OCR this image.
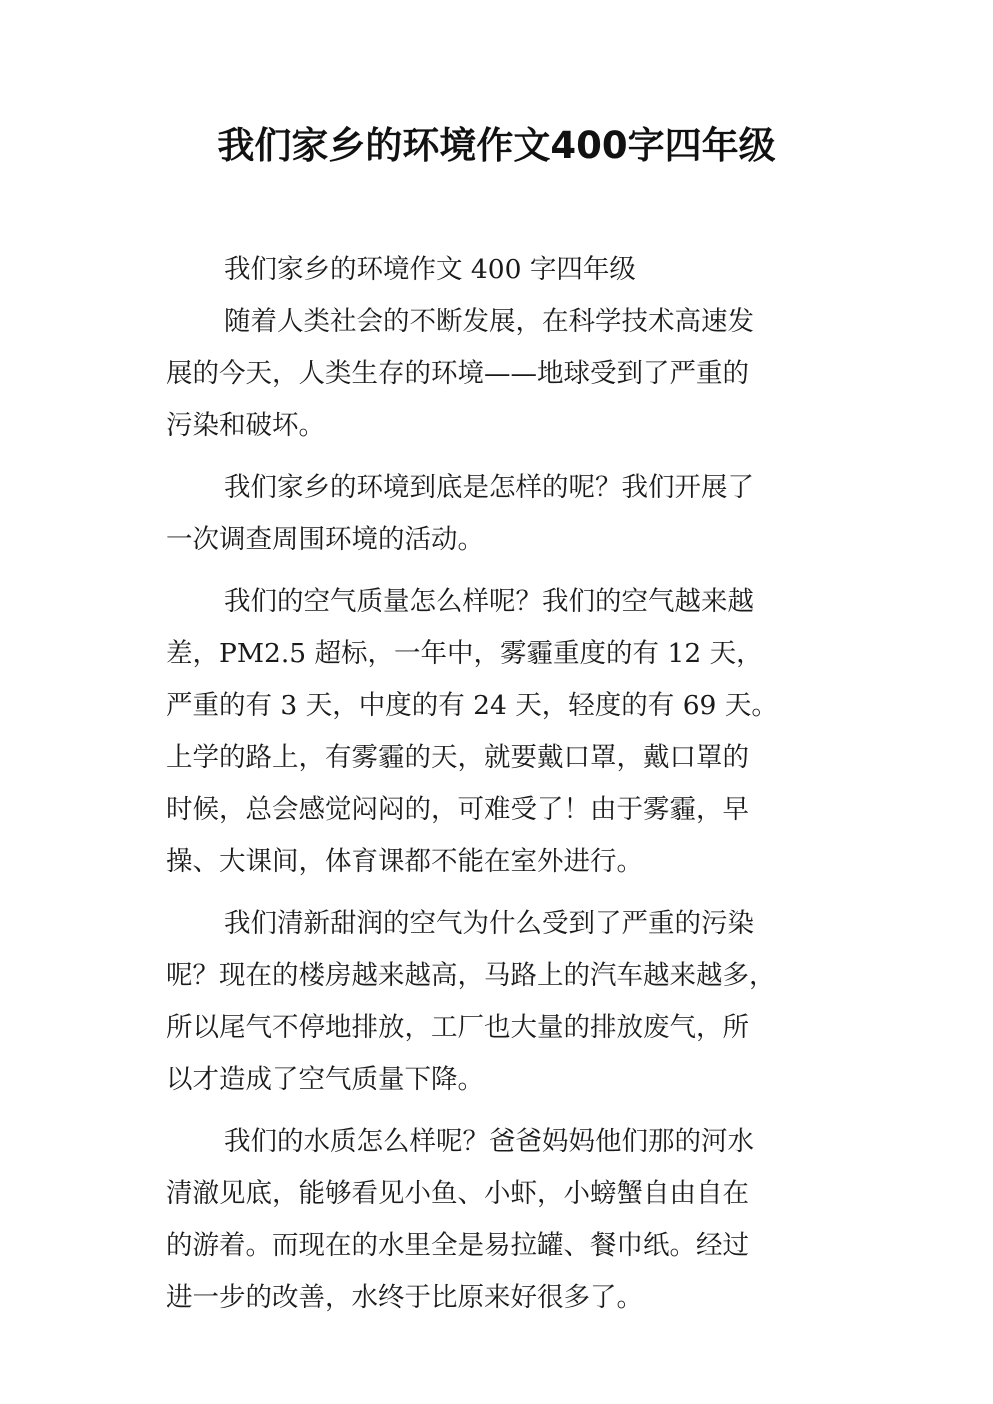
我们家乡的环境作文400字四年级

我们家乡的环境作文 400 字四年级

随着人类社会的不断发展，在科学技术高速发

展的今天，人类生存的环境——地球受到了严重的

污染和破坏。

我们家乡的环境到底是怎样的呢？我们开展了

一次调查周围环境的活动。

我们的空气质量怎么样呢？我们的空气越来越

差，PM2.5 超标，一年中，雾霾重度的有 12 天，

严重的有 3 天，中度的有 24 天，轻度的有 69 天。

上学的路上，有雾霾的天，就要戴口罩，戴口罩的

时候，总会感觉闷闷的，可难受了！由于雾霾，早

操、大课间，体育课都不能在室外进行。

我们清新甜润的空气为什么受到了严重的污染

呢？现在的楼房越来越高，马路上的汽车越来越多，

所以尾气不停地排放，工厂也大量的排放废气，所

以才造成了空气质量下降。

我们的水质怎么样呢？爸爸妈妈他们那的河水

清澈见底，能够看见小鱼、小虾，小螃蟹自由自在

的游着。而现在的水里全是易拉罐、餐巾纸。经过

进一步的改善，水终于比原来好很多了。
